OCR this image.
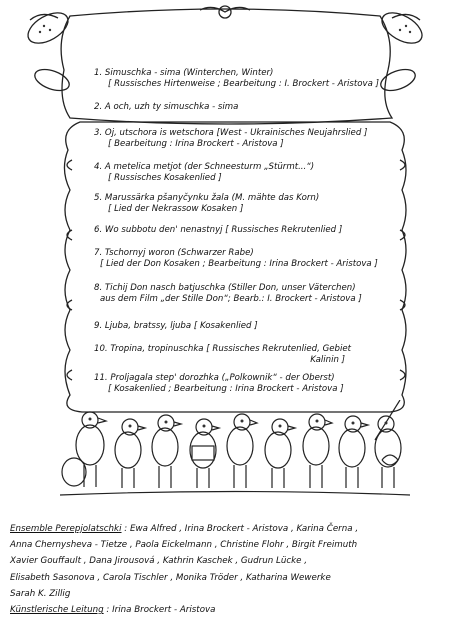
1. Simuschka - sima (Winterchen, Winter)
[ Russisches Hirtenweise ; Bearbeitung : I. Brockert - Aristova ]
2. A och, uzh ty simuschka - sima
3. Oj, utschora is wetschora [West - Ukrainisches Neujahrslied ]
[ Bearbeitung : Irina Brockert - Aristova ]
4. A metelica metjot (der Schneesturm „Stürmt...“)
[ Russisches Kosakenlied ]
5. Marussärka pšanyčynku žala (M. mähte das Korn)
[ Lied der Nekrassow Kosaken ]
6. Wo subbotu den' nenastnyj [ Russisches Rekrutenlied ]
7. Tschornyj woron (Schwarzer Rabe)
[ Lied der Don Kosaken ; Bearbeitung : Irina Brockert - Aristova ]
8. Tichij Don nasch batjuschka (Stiller Don, unser Väterchen)
aus dem Film „der Stille Don“; Bearb.: I. Brockert - Aristova ]
9. Ljuba, bratssy, ljuba [ Kosakenlied ]
10. Tropina, tropinuschka [ Russisches Rekrutenlied, Gebiet
Kalinin ]
11. Proljagala step' dorozhka („Polkownik“ - der Oberst)
[ Kosakenlied ; Bearbeitung : Irina Brockert - Aristova ]
Ensemble Perepjolatschki : Ewa Alfred , Irina Brockert - Aristova , Karina Černa ,
Anna Chernysheva - Tietze , Paola Eickelmann , Christine Flohr , Birgit Freimuth
Xavier Gouffault , Dana Jirousová , Kathrin Kaschek , Gudrun Lücke ,
Elisabeth Sasonova , Carola Tischler , Monika Tröder , Katharina Wewerke
Sarah K. Zillig
Künstlerische Leitung : Irina Brockert - Aristova
